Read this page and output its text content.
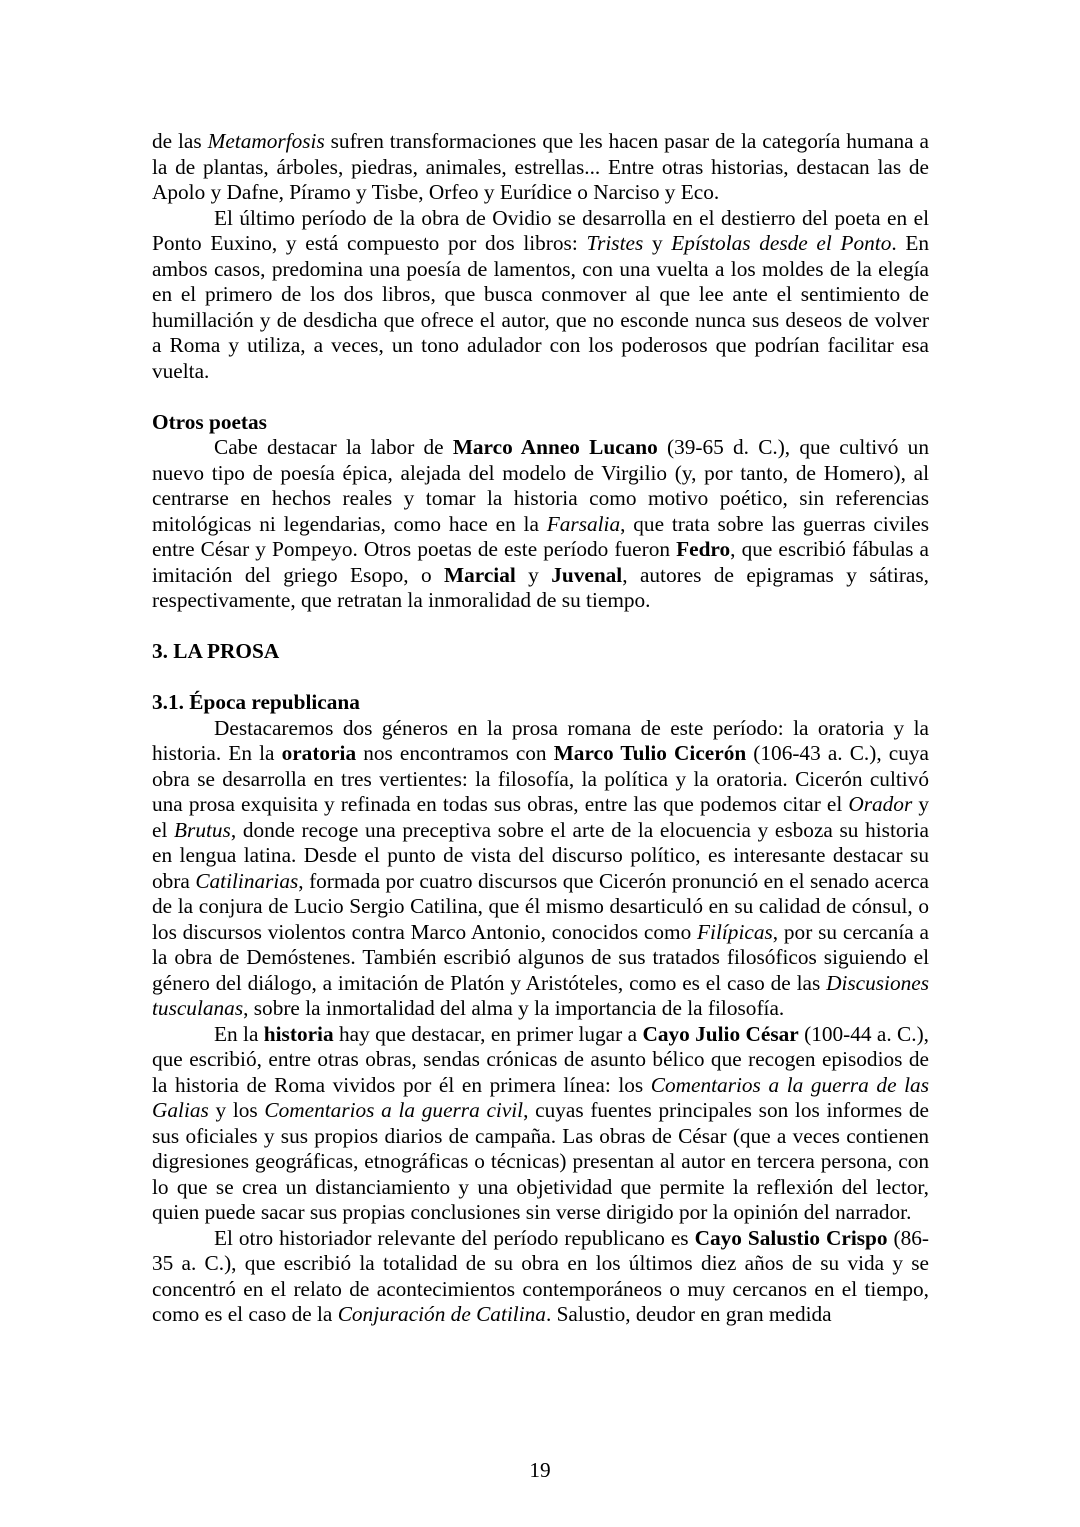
de las Metamorfosis sufren transformaciones que les hacen pasar de la categoría humana a la de plantas, árboles, piedras, animales, estrellas... Entre otras historias, destacan las de Apolo y Dafne, Píramo y Tisbe, Orfeo y Eurídice o Narciso y Eco.

El último período de la obra de Ovidio se desarrolla en el destierro del poeta en el Ponto Euxino, y está compuesto por dos libros: Tristes y Epístolas desde el Ponto. En ambos casos, predomina una poesía de lamentos, con una vuelta a los moldes de la elegía en el primero de los dos libros, que busca conmover al que lee ante el sentimiento de humillación y de desdicha que ofrece el autor, que no esconde nunca sus deseos de volver a Roma y utiliza, a veces, un tono adulador con los poderosos que podrían facilitar esa vuelta.

Otros poetas

Cabe destacar la labor de Marco Anneo Lucano (39-65 d. C.), que cultivó un nuevo tipo de poesía épica, alejada del modelo de Virgilio (y, por tanto, de Homero), al centrarse en hechos reales y tomar la historia como motivo poético, sin referencias mitológicas ni legendarias, como hace en la Farsalia, que trata sobre las guerras civiles entre César y Pompeyo. Otros poetas de este período fueron Fedro, que escribió fábulas a imitación del griego Esopo, o Marcial y Juvenal, autores de epigramas y sátiras, respectivamente, que retratan la inmoralidad de su tiempo.

3. LA PROSA

3.1. Época republicana

Destacaremos dos géneros en la prosa romana de este período: la oratoria y la historia. En la oratoria nos encontramos con Marco Tulio Cicerón (106-43 a. C.), cuya obra se desarrolla en tres vertientes: la filosofía, la política y la oratoria. Cicerón cultivó una prosa exquisita y refinada en todas sus obras, entre las que podemos citar el Orador y el Brutus, donde recoge una preceptiva sobre el arte de la elocuencia y esboza su historia en lengua latina. Desde el punto de vista del discurso político, es interesante destacar su obra Catilinarias, formada por cuatro discursos que Cicerón pronunció en el senado acerca de la conjura de Lucio Sergio Catilina, que él mismo desarticuló en su calidad de cónsul, o los discursos violentos contra Marco Antonio, conocidos como Filípicas, por su cercanía a la obra de Demóstenes. También escribió algunos de sus tratados filosóficos siguiendo el género del diálogo, a imitación de Platón y Aristóteles, como es el caso de las Discusiones tusculanas, sobre la inmortalidad del alma y la importancia de la filosofía.

En la historia hay que destacar, en primer lugar a Cayo Julio César (100-44 a. C.), que escribió, entre otras obras, sendas crónicas de asunto bélico que recogen episodios de la historia de Roma vividos por él en primera línea: los Comentarios a la guerra de las Galias y los Comentarios a la guerra civil, cuyas fuentes principales son los informes de sus oficiales y sus propios diarios de campaña. Las obras de César (que a veces contienen digresiones geográficas, etnográficas o técnicas) presentan al autor en tercera persona, con lo que se crea un distanciamiento y una objetividad que permite la reflexión del lector, quien puede sacar sus propias conclusiones sin verse dirigido por la opinión del narrador.

El otro historiador relevante del período republicano es Cayo Salustio Crispo (86-35 a. C.), que escribió la totalidad de su obra en los últimos diez años de su vida y se concentró en el relato de acontecimientos contemporáneos o muy cercanos en el tiempo, como es el caso de la Conjuración de Catilina. Salustio, deudor en gran medida

19
